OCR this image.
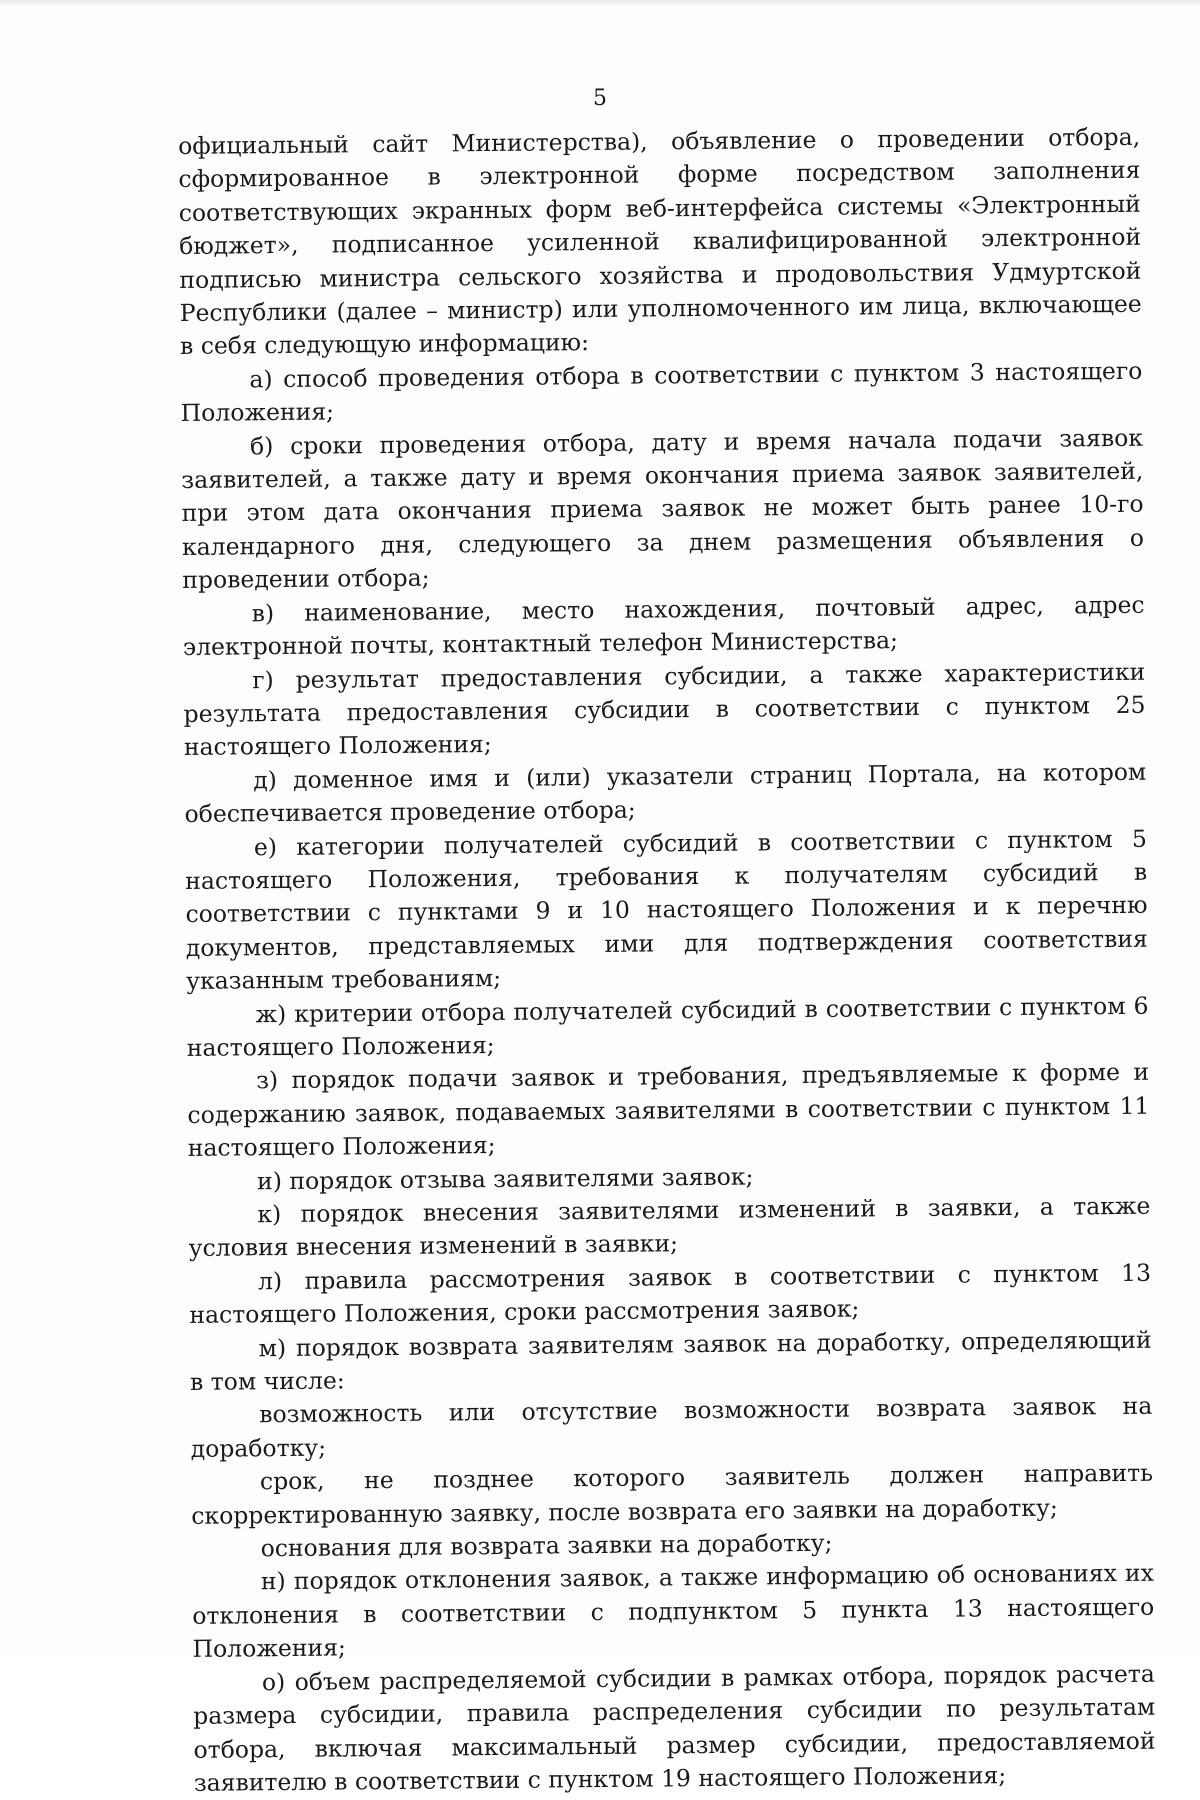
5

официальный сайт Министерства), объявление о проведении отбора, сформированное в электронной форме посредством заполнения соответствующих экранных форм веб-интерфейса системы «Электронный бюджет», подписанное усиленной квалифицированной электронной подписью министра сельского хозяйства и продовольствия Удмуртской Республики (далее – министр) или уполномоченного им лица, включающее в себя следующую информацию:

а) способ проведения отбора в соответствии с пунктом 3 настоящего Положения;

б) сроки проведения отбора, дату и время начала подачи заявок заявителей, а также дату и время окончания приема заявок заявителей, при этом дата окончания приема заявок не может быть ранее 10-го календарного дня, следующего за днем размещения объявления о проведении отбора;

в) наименование, место нахождения, почтовый адрес, адрес электронной почты, контактный телефон Министерства;

г) результат предоставления субсидии, а также характеристики результата предоставления субсидии в соответствии с пунктом 25 настоящего Положения;

д) доменное имя и (или) указатели страниц Портала, на котором обеспечивается проведение отбора;

е) категории получателей субсидий в соответствии с пунктом 5 настоящего Положения, требования к получателям субсидий в соответствии с пунктами 9 и 10 настоящего Положения и к перечню документов, представляемых ими для подтверждения соответствия указанным требованиям;

ж) критерии отбора получателей субсидий в соответствии с пунктом 6 настоящего Положения;

з) порядок подачи заявок и требования, предъявляемые к форме и содержанию заявок, подаваемых заявителями в соответствии с пунктом 11 настоящего Положения;

и) порядок отзыва заявителями заявок;

к) порядок внесения заявителями изменений в заявки, а также условия внесения изменений в заявки;

л) правила рассмотрения заявок в соответствии с пунктом 13 настоящего Положения, сроки рассмотрения заявок;

м) порядок возврата заявителям заявок на доработку, определяющий в том числе:

возможность или отсутствие возможности возврата заявок на доработку;

срок, не позднее которого заявитель должен направить скорректированную заявку, после возврата его заявки на доработку;

основания для возврата заявки на доработку;

н) порядок отклонения заявок, а также информацию об основаниях их отклонения в соответствии с подпунктом 5 пункта 13 настоящего Положения;

о) объем распределяемой субсидии в рамках отбора, порядок расчета размера субсидии, правила распределения субсидии по результатам отбора, включая максимальный размер субсидии, предоставляемой заявителю в соответствии с пунктом 19 настоящего Положения;
